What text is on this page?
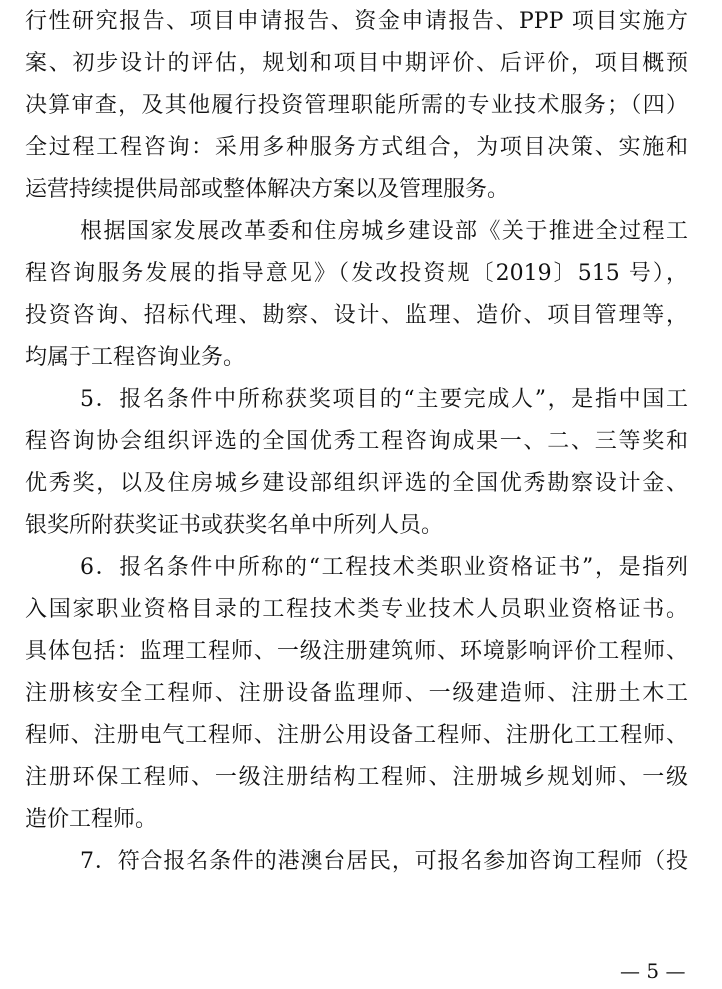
行性研究报告、项目申请报告、资金申请报告、PPP 项目实施方
案、初步设计的评估，规划和项目中期评价、后评价，项目概预
决算审查，及其他履行投资管理职能所需的专业技术服务；（四）
全过程工程咨询：采用多种服务方式组合，为项目决策、实施和
运营持续提供局部或整体解决方案以及管理服务。
根据国家发展改革委和住房城乡建设部《关于推进全过程工
程咨询服务发展的指导意见》（发改投资规〔2019〕515 号），
投资咨询、招标代理、勘察、设计、监理、造价、项目管理等，
均属于工程咨询业务。
5．报名条件中所称获奖项目的“主要完成人”，是指中国工
程咨询协会组织评选的全国优秀工程咨询成果一、二、三等奖和
优秀奖，以及住房城乡建设部组织评选的全国优秀勘察设计金、
银奖所附获奖证书或获奖名单中所列人员。
6．报名条件中所称的“工程技术类职业资格证书”，是指列
入国家职业资格目录的工程技术类专业技术人员职业资格证书。
具体包括：监理工程师、一级注册建筑师、环境影响评价工程师、
注册核安全工程师、注册设备监理师、一级建造师、注册土木工
程师、注册电气工程师、注册公用设备工程师、注册化工工程师、
注册环保工程师、一级注册结构工程师、注册城乡规划师、一级
造价工程师。
7．符合报名条件的港澳台居民，可报名参加咨询工程师（投
— 5 —
